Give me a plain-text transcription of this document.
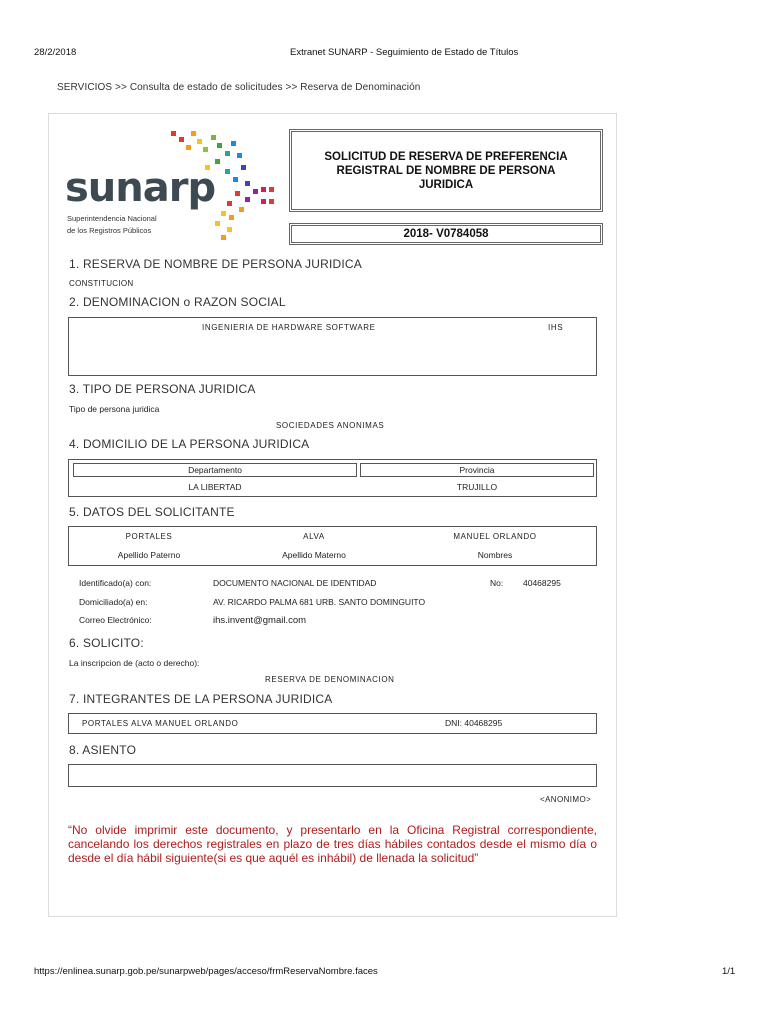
28/2/2018	Extranet SUNARP - Seguimiento de Estado de Títulos
SERVICIOS >> Consulta de estado de solicitudes >> Reserva de Denominación
sunarp
Superintendencia Nacional
de los Registros Públicos
SOLICITUD DE RESERVA DE PREFERENCIA
REGISTRAL DE NOMBRE DE PERSONA
JURIDICA
2018- V0784058
1. RESERVA DE NOMBRE DE PERSONA JURIDICA
CONSTITUCION
2. DENOMINACION o RAZON SOCIAL
INGENIERIA DE HARDWARE SOFTWARE	IHS
3. TIPO DE PERSONA JURIDICA
Tipo de persona juridica
SOCIEDADES ANONIMAS
4. DOMICILIO DE LA PERSONA JURIDICA
Departamento	Provincia
LA LIBERTAD	TRUJILLO
5. DATOS DEL SOLICITANTE
PORTALES	ALVA	MANUEL ORLANDO
Apellido Paterno	Apellido Materno	Nombres
Identificado(a) con:	DOCUMENTO NACIONAL DE IDENTIDAD	No: 40468295
Domiciliado(a) en:	AV. RICARDO PALMA 681 URB. SANTO DOMINGUITO
Correo Electrónico:	ihs.invent@gmail.com
6. SOLICITO:
La inscripcion de (acto o derecho):
RESERVA DE DENOMINACION
7. INTEGRANTES DE LA PERSONA JURIDICA
PORTALES ALVA MANUEL ORLANDO	DNI: 40468295
8. ASIENTO
<ANONIMO>
“No olvide imprimir este documento, y presentarlo en la Oficina Registral correspondiente, cancelando los derechos registrales en plazo de tres días hábiles contados desde el mismo día o desde el día hábil siguiente(si es que aquél es inhábil) de llenada la solicitud”
https://enlinea.sunarp.gob.pe/sunarpweb/pages/acceso/frmReservaNombre.faces	1/1
